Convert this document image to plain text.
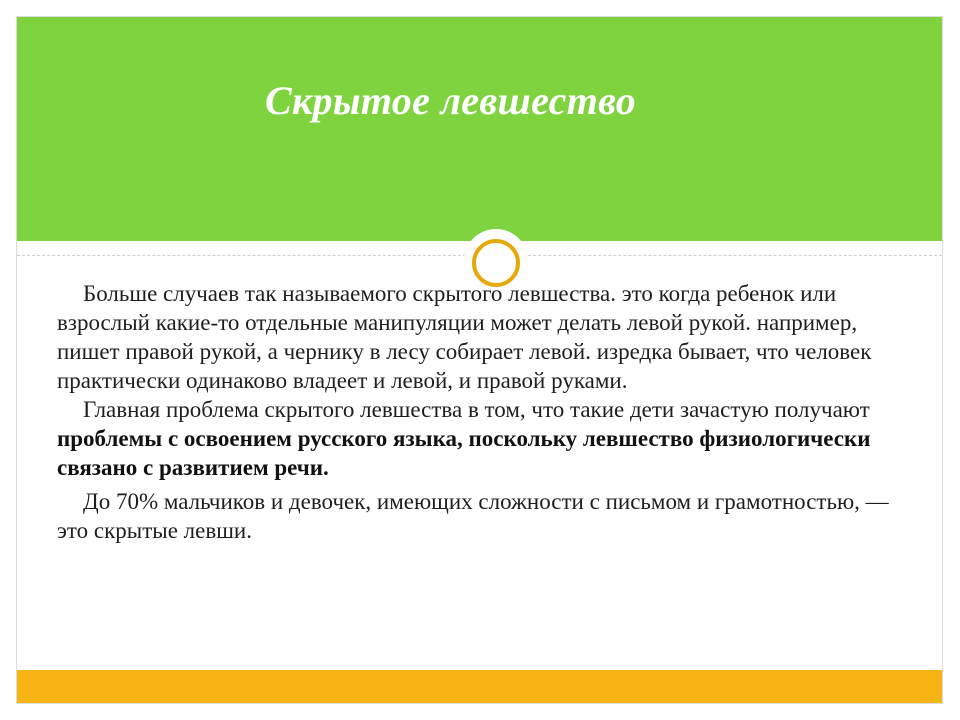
Скрытое левшество

Больше случаев так называемого скрытого левшества. это когда ребенок или взрослый какие-то отдельные манипуляции может делать левой рукой. например, пишет правой рукой, а чернику в лесу собирает левой. изредка бывает, что человек практически одинаково владеет и левой, и правой руками.

Главная проблема скрытого левшества в том, что такие дети зачастую получают проблемы с освоением русского языка, поскольку левшество физиологически связано с развитием речи.

До 70% мальчиков и девочек, имеющих сложности с письмом и грамотностью, — это скрытые левши.
